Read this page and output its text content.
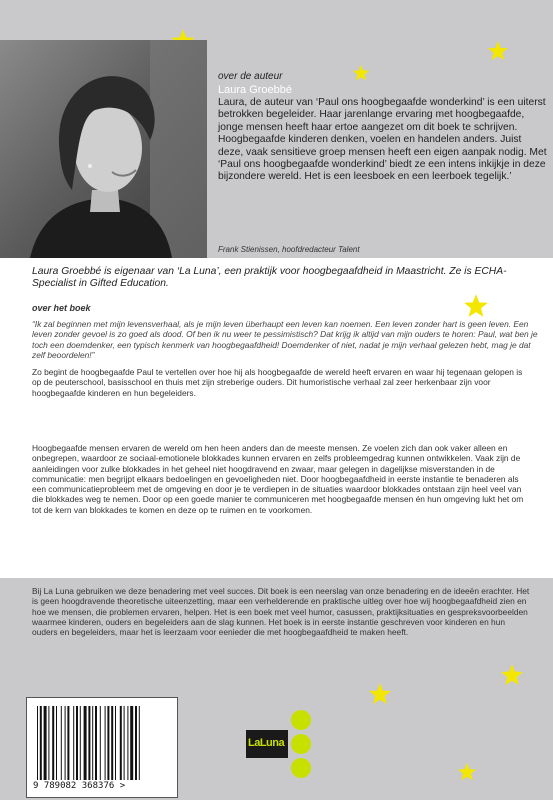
over de auteur
Laura Groebbé
Laura, de auteur van ‘Paul ons hoogbegaafde wonderkind’ is een uiterst betrokken begeleider. Haar jarenlange ervaring met hoogbegaafde, jonge mensen heeft haar ertoe aangezet om dit boek te schrijven. Hoogbegaafde kinderen denken, voelen en handelen anders. Juist deze, vaak sensitieve groep mensen heeft een eigen aanpak nodig. Met ‘Paul ons hoogbegaafde wonderkind’ biedt ze een intens inkijkje in deze bijzondere wereld. Het is een leesboek en een leerboek tegelijk.’
Frank Stienissen, hoofdredacteur Talent
Laura Groebbé is eigenaar van ‘La Luna’, een praktijk voor hoogbegaafdheid in Maastricht. Ze is ECHA-Specialist in Gifted Education.
over het boek
“Ik zal beginnen met mijn levensverhaal, als je mijn leven überhaupt een leven kan noemen. Een leven zonder hart is geen leven. Een leven zonder gevoel is zo goed als dood. Of ben ik nu weer te pessimistisch? Dat krijg ik altijd van mijn ouders te horen: Paul, wat ben je toch een doemdenker, een typisch kenmerk van hoogbegaafdheid! Doemdenker of niet, nadat je mijn verhaal gelezen hebt, mag je dat zelf beoordelen!”
Zo begint de hoogbegaafde Paul te vertellen over hoe hij als hoogbegaafde de wereld heeft ervaren en waar hij tegenaan gelopen is op de peuterschool, basisschool en thuis met zijn streberige ouders. Dit humoristische verhaal zal zeer herkenbaar zijn voor hoogbegaafde kinderen en hun begeleiders.
Hoogbegaafde mensen ervaren de wereld om hen heen anders dan de meeste mensen. Ze voelen zich dan ook vaker alleen en onbegrepen, waardoor ze sociaal-emotionele blokkades kunnen ervaren en zelfs probleemgedrag kunnen ontwikkelen. Vaak zijn de aanleidingen voor zulke blokkades in het geheel niet hoogdravend en zwaar, maar gelegen in dagelijkse misverstanden in de communicatie: men begrijpt elkaars bedoelingen en gevoeligheden niet. Door hoogbegaafdheid in eerste instantie te benaderen als een communicatieprobleem met de omgeving en door je te verdiepen in de situaties waardoor blokkades ontstaan zijn heel veel van die blokkades weg te nemen. Door op een goede manier te communiceren met hoogbegaafde mensen én hun omgeving lukt het om tot de kern van blokkades te komen en deze op te ruimen en te voorkomen.
Bij La Luna gebruiken we deze benadering met veel succes. Dit boek is een neerslag van onze benadering en de ideeën erachter. Het is geen hoogdravende theoretische uiteenzetting, maar een verhelderende en praktische uitleg over hoe wij hoogbegaafdheid zien en hoe we mensen, die problemen ervaren, helpen. Het is een boek met veel humor, casussen, praktijksituaties en gespreksvoorbeelden waarmee kinderen, ouders en begeleiders aan de slag kunnen. Het boek is in eerste instantie geschreven voor kinderen en hun ouders en begeleiders, maar het is leerzaam voor eenieder die met hoogbegaafdheid te maken heeft.
9 789082 368376 >
LaLuna
